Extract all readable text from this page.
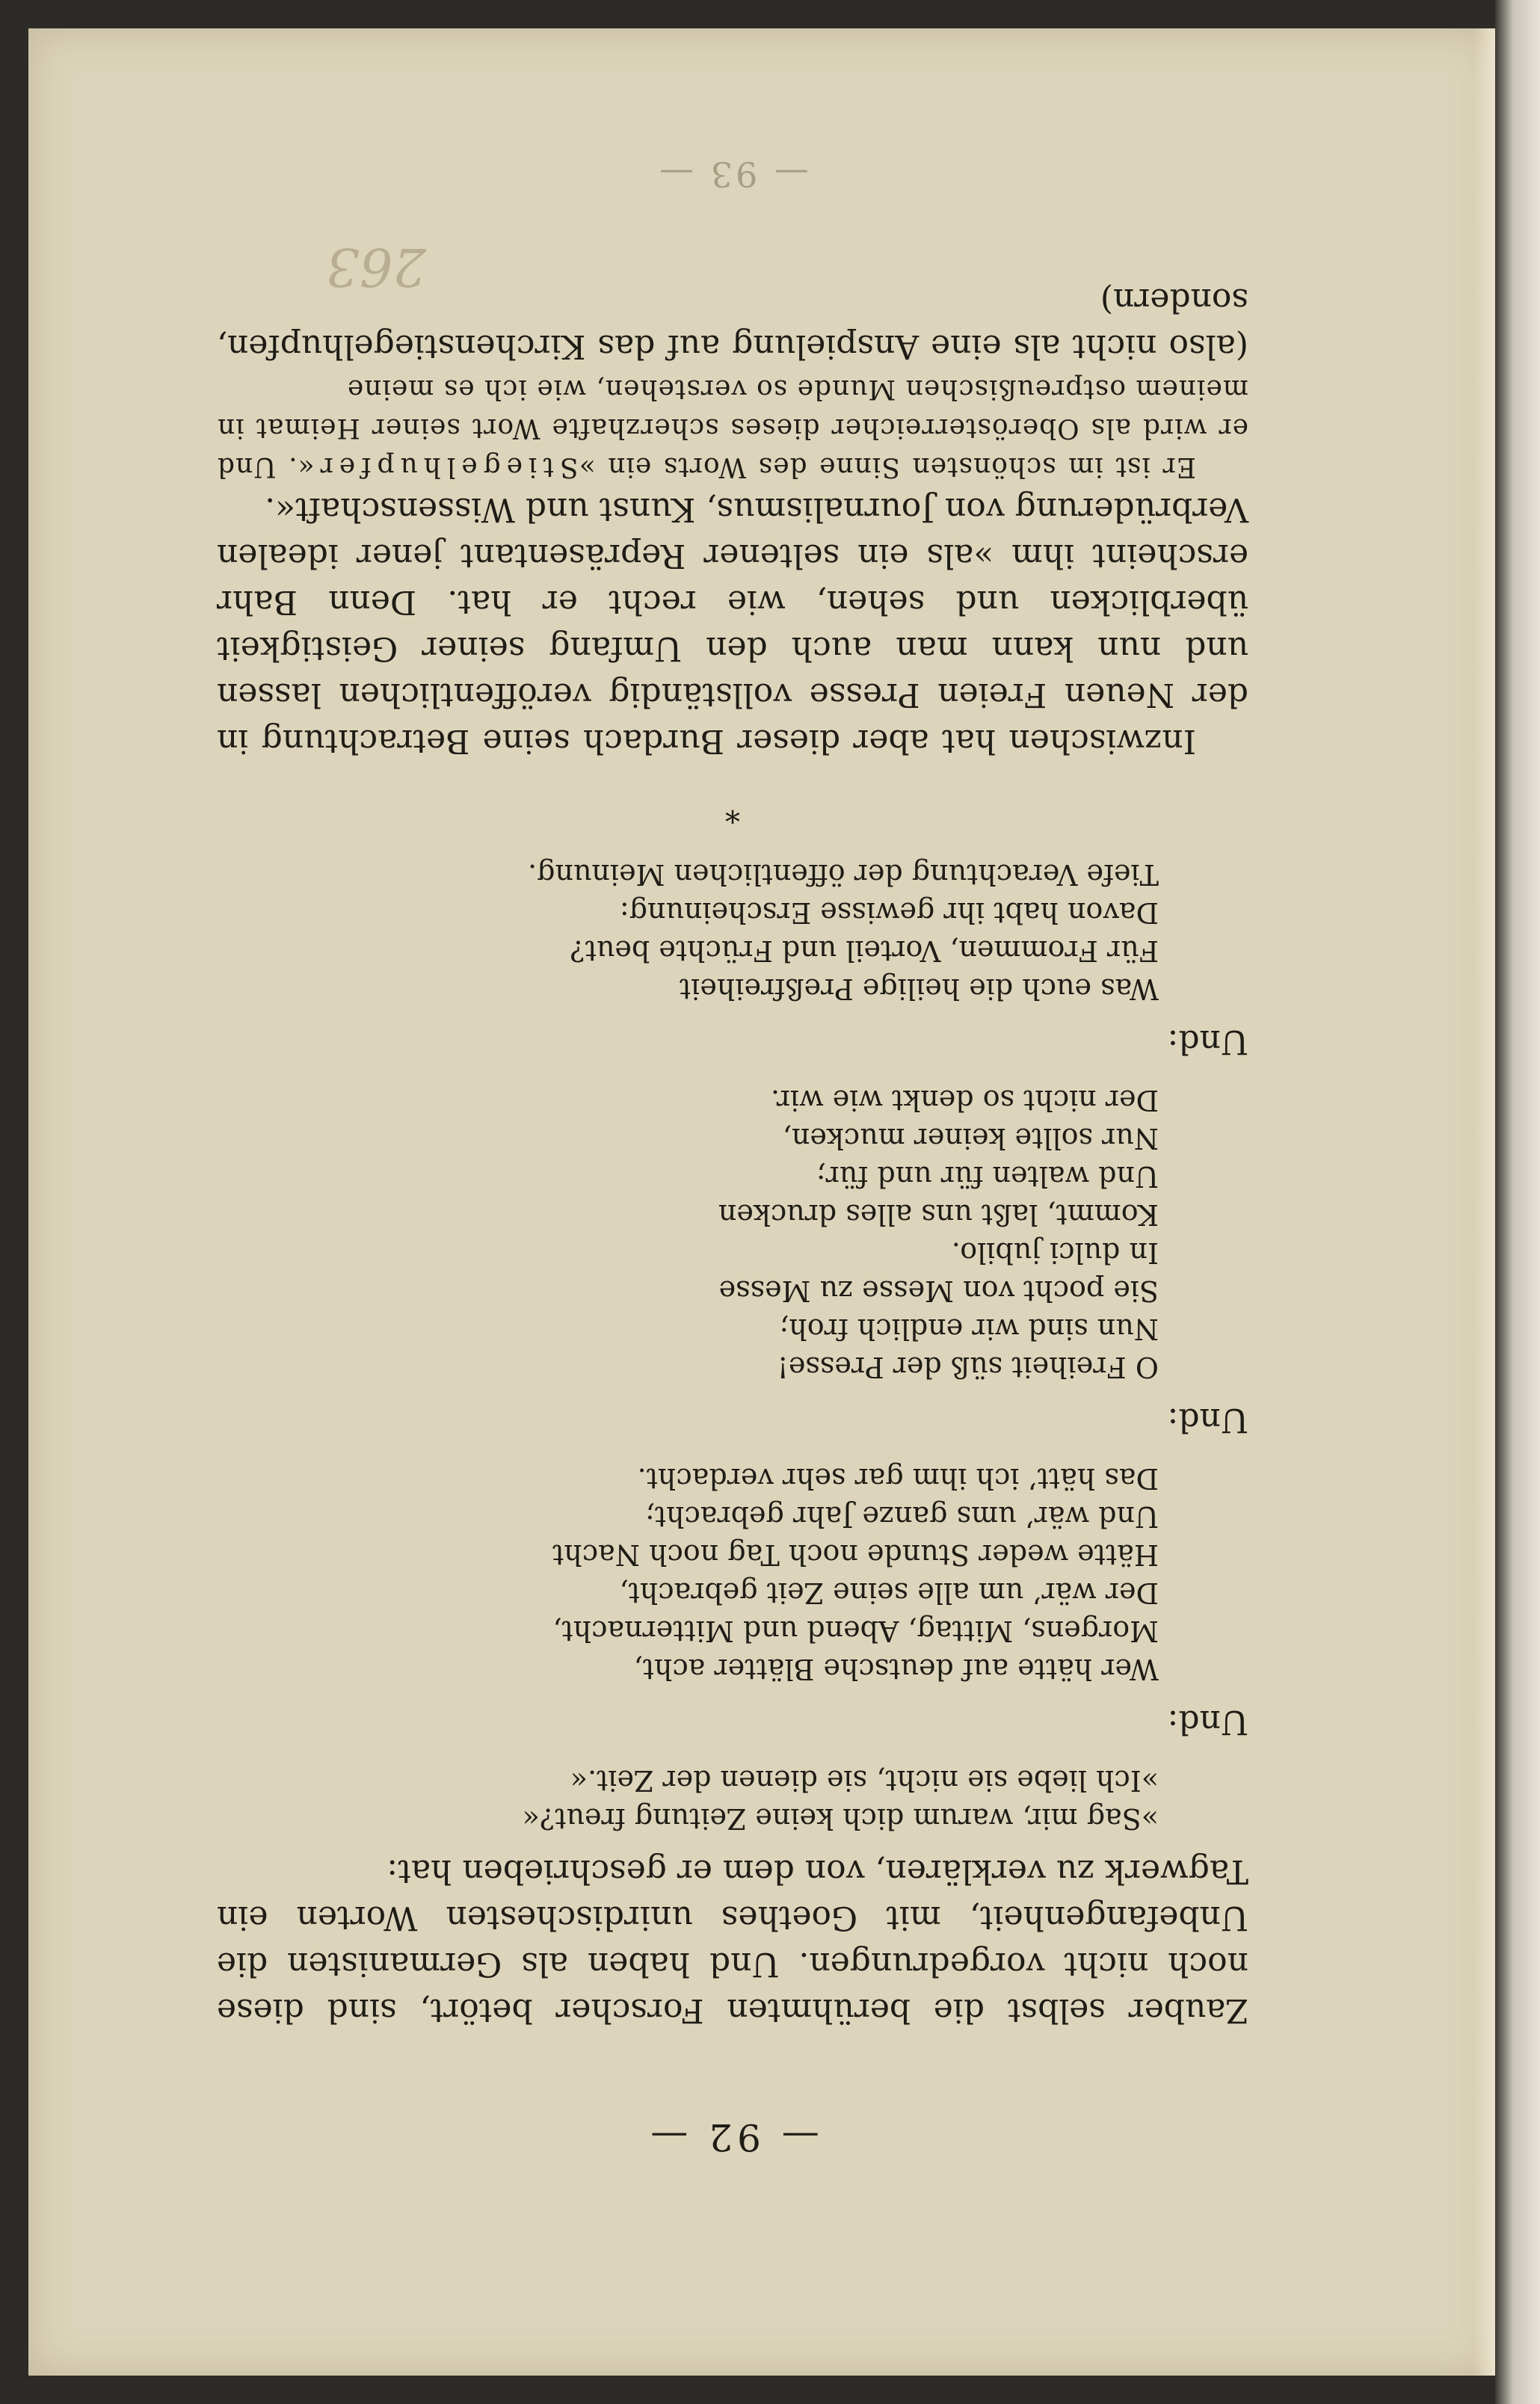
— 92 —

Zauber selbst die berühmten Forscher betört, sind diese noch nicht vorgedrungen. Und haben als Germanisten die Unbefangenheit, mit Goethes unirdischesten Worten ein Tagwerk zu verklären, von dem er geschrieben hat:

»Sag mir, warum dich keine Zeitung freut?«
»Ich liebe sie nicht, sie dienen der Zeit.«
Und:
Wer hätte auf deutsche Blätter acht,
Morgens, Mittag, Abend und Mitternacht,
Der wär’ um alle seine Zeit gebracht,
Hätte weder Stunde noch Tag noch Nacht
Und wär’ ums ganze Jahr gebracht;
Das hätt’ ich ihm gar sehr verdacht.
Und:
O Freiheit süß der Presse!
Nun sind wir endlich froh;
Sie pocht von Messe zu Messe
In dulci jubilo.
Kommt, laßt uns alles drucken
Und walten für und für;
Nur sollte keiner mucken,
Der nicht so denkt wie wir.
Und:
Was euch die heilige Preßfreiheit
Für Frommen, Vorteil und Früchte beut?
Davon habt ihr gewisse Erscheinung:
Tiefe Verachtung der öffentlichen Meinung.
*

Inzwischen hat aber dieser Burdach seine Betrachtung in der Neuen Freien Presse vollständig veröffentlichen lassen und nun kann man auch den Umfang seiner Geistigkeit überblicken und sehen, wie recht er hat. Denn Bahr erscheint ihm »als ein seltener Repräsentant jener idealen Verbrüderung von Journalismus, Kunst und Wissenschaft«.

Er ist im schönsten Sinne des Worts ein »Stiegelhupfer«. Und er wird als Oberösterreicher dieses scherzhafte Wort seiner Heimat in meinem ostpreußischen Munde so verstehen, wie ich es meine

(also nicht als eine Anspielung auf das Kirchenstiegelhupfen, sondern)

— 93 —
263
